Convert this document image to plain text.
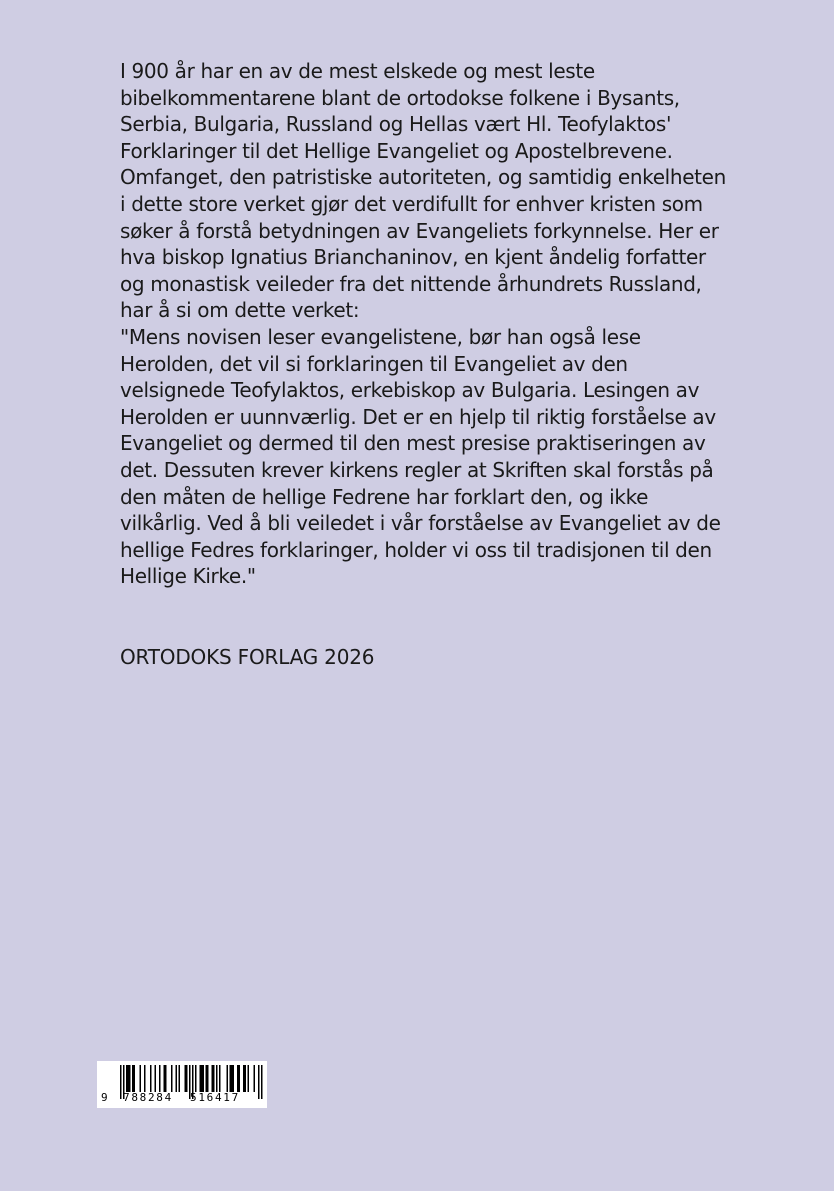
I 900 år har en av de mest elskede og mest leste
bibelkommentarene blant de ortodokse folkene i Bysants,
Serbia, Bulgaria, Russland og Hellas vært Hl. Teofylaktos'
Forklaringer til det Hellige Evangeliet og Apostelbrevene.
Omfanget, den patristiske autoriteten, og samtidig enkelheten
i dette store verket gjør det verdifullt for enhver kristen som
søker å forstå betydningen av Evangeliets forkynnelse. Her er
hva biskop Ignatius Brianchaninov, en kjent åndelig forfatter
og monastisk veileder fra det nittende århundrets Russland,
har å si om dette verket:
"Mens novisen leser evangelistene, bør han også lese
Herolden, det vil si forklaringen til Evangeliet av den
velsignede Teofylaktos, erkebiskop av Bulgaria. Lesingen av
Herolden er uunnværlig. Det er en hjelp til riktig forståelse av
Evangeliet og dermed til den mest presise praktiseringen av
det. Dessuten krever kirkens regler at Skriften skal forstås på
den måten de hellige Fedrene har forklart den, og ikke
vilkårlig. Ved å bli veiledet i vår forståelse av Evangeliet av de
hellige Fedres forklaringer, holder vi oss til tradisjonen til den
Hellige Kirke."
ORTODOKS FORLAG 2026
9 788284 516417
